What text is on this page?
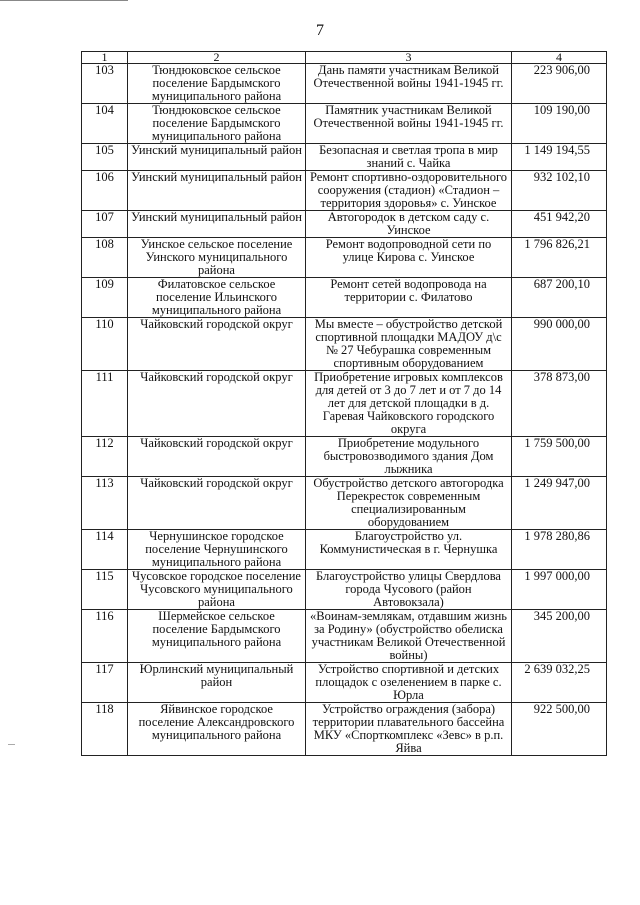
7
1	2	3	4
103	Тюндюковское сельское поселение Бардымского муниципального района	Дань памяти участникам Великой Отечественной войны 1941-1945 гг.	223 906,00
104	Тюндюковское сельское поселение Бардымского муниципального района	Памятник участникам Великой Отечественной войны 1941-1945 гг.	109 190,00
105	Уинский муниципальный район	Безопасная и светлая тропа в мир знаний с. Чайка	1 149 194,55
106	Уинский муниципальный район	Ремонт спортивно-оздоровительного сооружения (стадион) «Стадион – территория здоровья» с. Уинское	932 102,10
107	Уинский муниципальный район	Автогородок в детском саду с. Уинское	451 942,20
108	Уинское сельское поселение Уинского муниципального района	Ремонт водопроводной сети по улице Кирова с. Уинское	1 796 826,21
109	Филатовское сельское поселение Ильинского муниципального района	Ремонт сетей водопровода на территории с. Филатово	687 200,10
110	Чайковский городской округ	Мы вместе – обустройство детской спортивной площадки МАДОУ д\с № 27 Чебурашка современным спортивным оборудованием	990 000,00
111	Чайковский городской округ	Приобретение игровых комплексов для детей от 3 до 7 лет и от 7 до 14 лет для детской площадки в д. Гаревая Чайковского городского округа	378 873,00
112	Чайковский городской округ	Приобретение модульного быстровозводимого здания Дом лыжника	1 759 500,00
113	Чайковский городской округ	Обустройство детского автогородка Перекресток современным специализированным оборудованием	1 249 947,00
114	Чернушинское городское поселение Чернушинского муниципального района	Благоустройство ул. Коммунистическая в г. Чернушка	1 978 280,86
115	Чусовское городское поселение Чусовского муниципального района	Благоустройство улицы Свердлова города Чусового (район Автовокзала)	1 997 000,00
116	Шермейское сельское поселение Бардымского муниципального района	«Воинам-землякам, отдавшим жизнь за Родину» (обустройство обелиска участникам Великой Отечественной войны)	345 200,00
117	Юрлинский муниципальный район	Устройство спортивной и детских площадок с озеленением в парке с. Юрла	2 639 032,25
118	Яйвинское городское поселение Александровского муниципального района	Устройство ограждения (забора) территории плавательного бассейна МКУ «Спорткомплекс «Зевс» в р.п. Яйва	922 500,00
